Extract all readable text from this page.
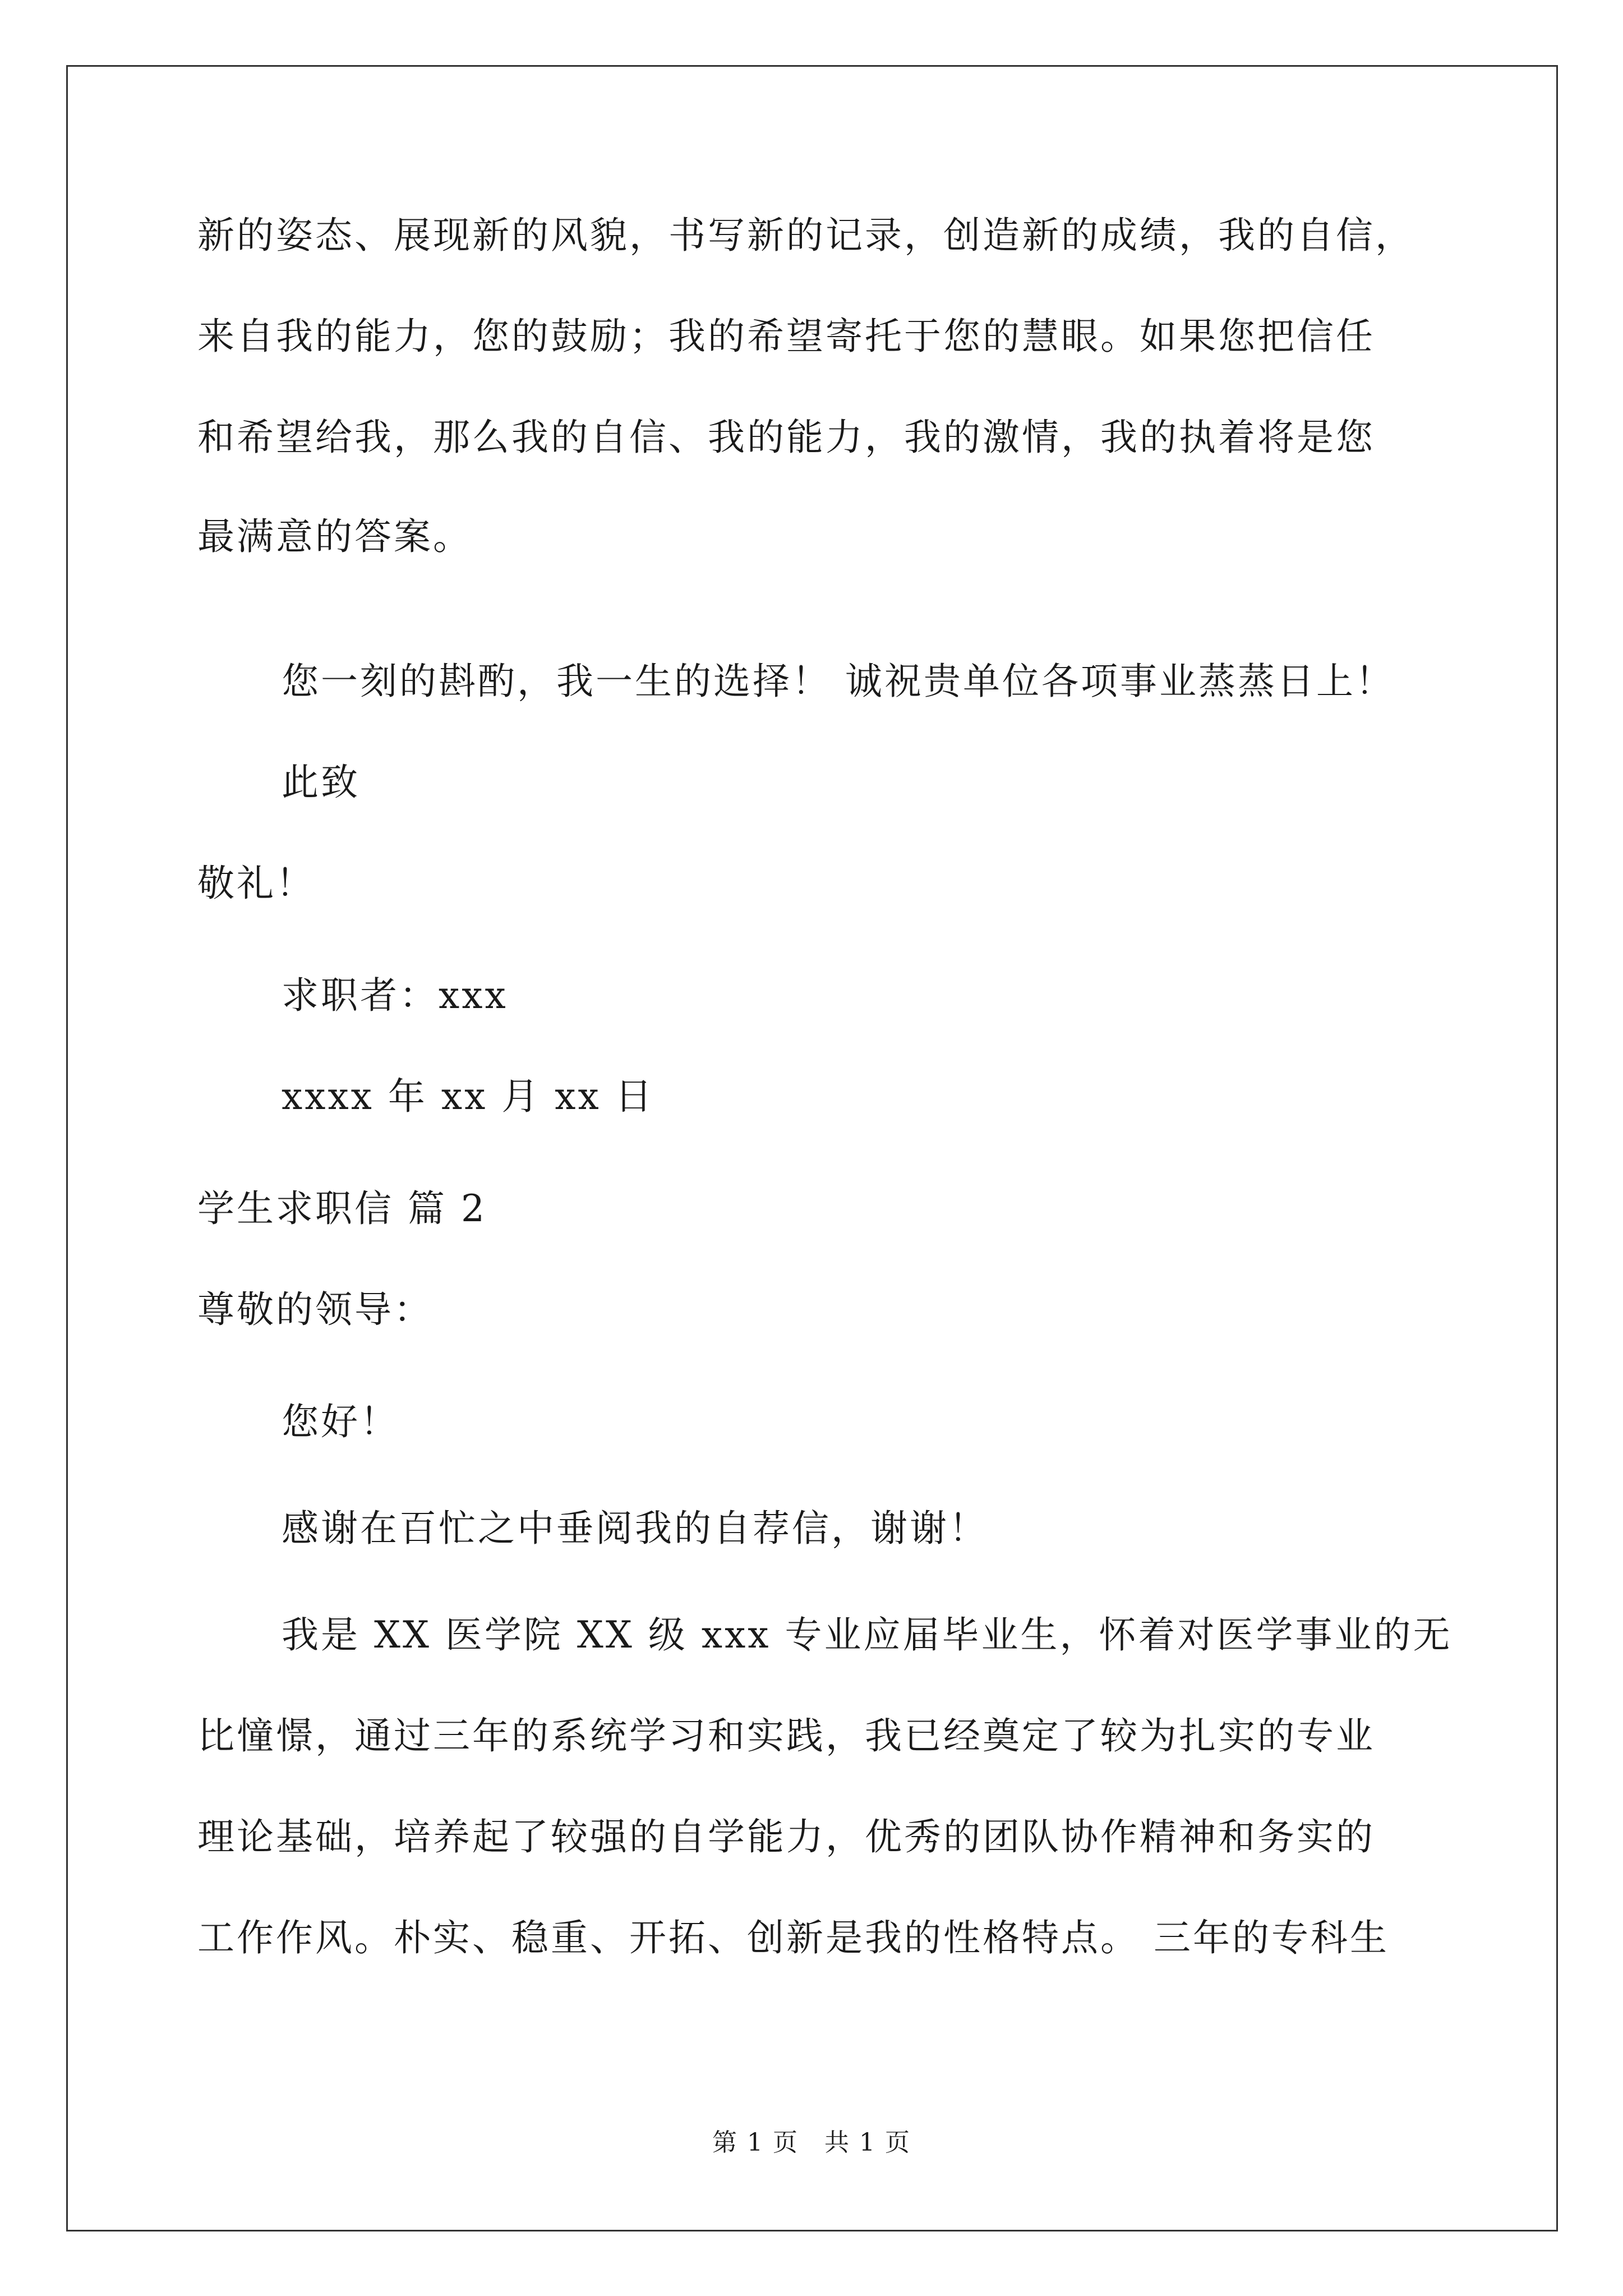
新的姿态、展现新的风貌，书写新的记录，创造新的成绩，我的自信，
来自我的能力，您的鼓励；我的希望寄托于您的慧眼。如果您把信任
和希望给我，那么我的自信、我的能力，我的激情，我的执着将是您
最满意的答案。
您一刻的斟酌，我一生的选择！ 诚祝贵单位各项事业蒸蒸日上！
此致
敬礼！
求职者：xxx
xxxx 年 xx 月 xx 日
学生求职信 篇 2
尊敬的领导：
您好！
感谢在百忙之中垂阅我的自荐信，谢谢！
我是 XX 医学院 XX 级 xxx 专业应届毕业生，怀着对医学事业的无
比憧憬，通过三年的系统学习和实践，我已经奠定了较为扎实的专业
理论基础，培养起了较强的自学能力，优秀的团队协作精神和务实的
工作作风。朴实、稳重、开拓、创新是我的性格特点。 三年的专科生
第 1 页　共 1 页
